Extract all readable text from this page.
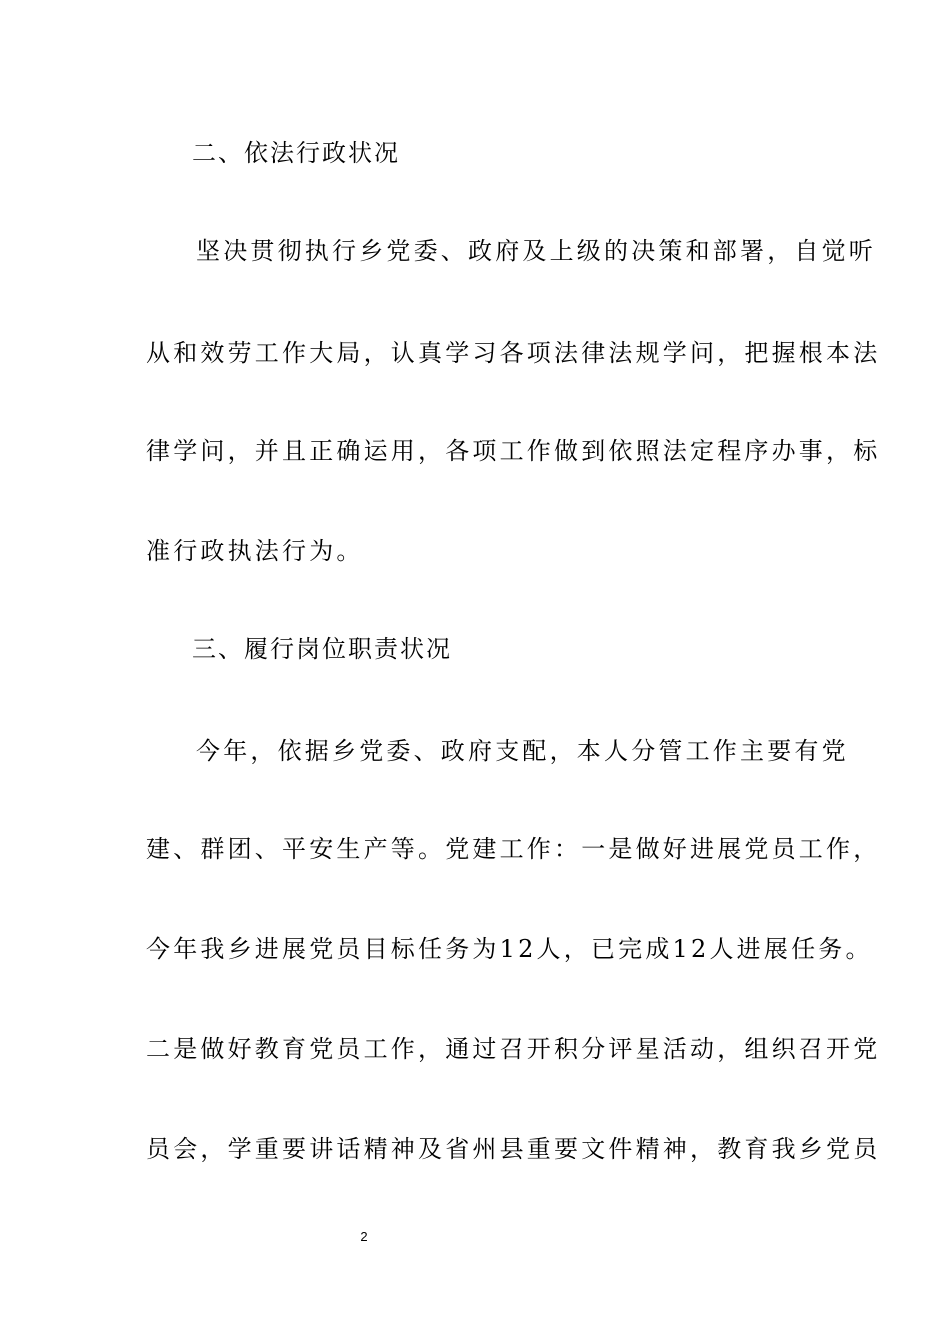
二、依法行政状况
坚决贯彻执行乡党委、政府及上级的决策和部署，自觉听
从和效劳工作大局，认真学习各项法律法规学问，把握根本法
律学问，并且正确运用，各项工作做到依照法定程序办事，标
准行政执法行为。
三、履行岗位职责状况
今年，依据乡党委、政府支配，本人分管工作主要有党
建、群团、平安生产等。党建工作：一是做好进展党员工作，
今年我乡进展党员目标任务为12人，已完成12人进展任务。
二是做好教育党员工作，通过召开积分评星活动，组织召开党
员会，学重要讲话精神及省州县重要文件精神，教育我乡党员
2
